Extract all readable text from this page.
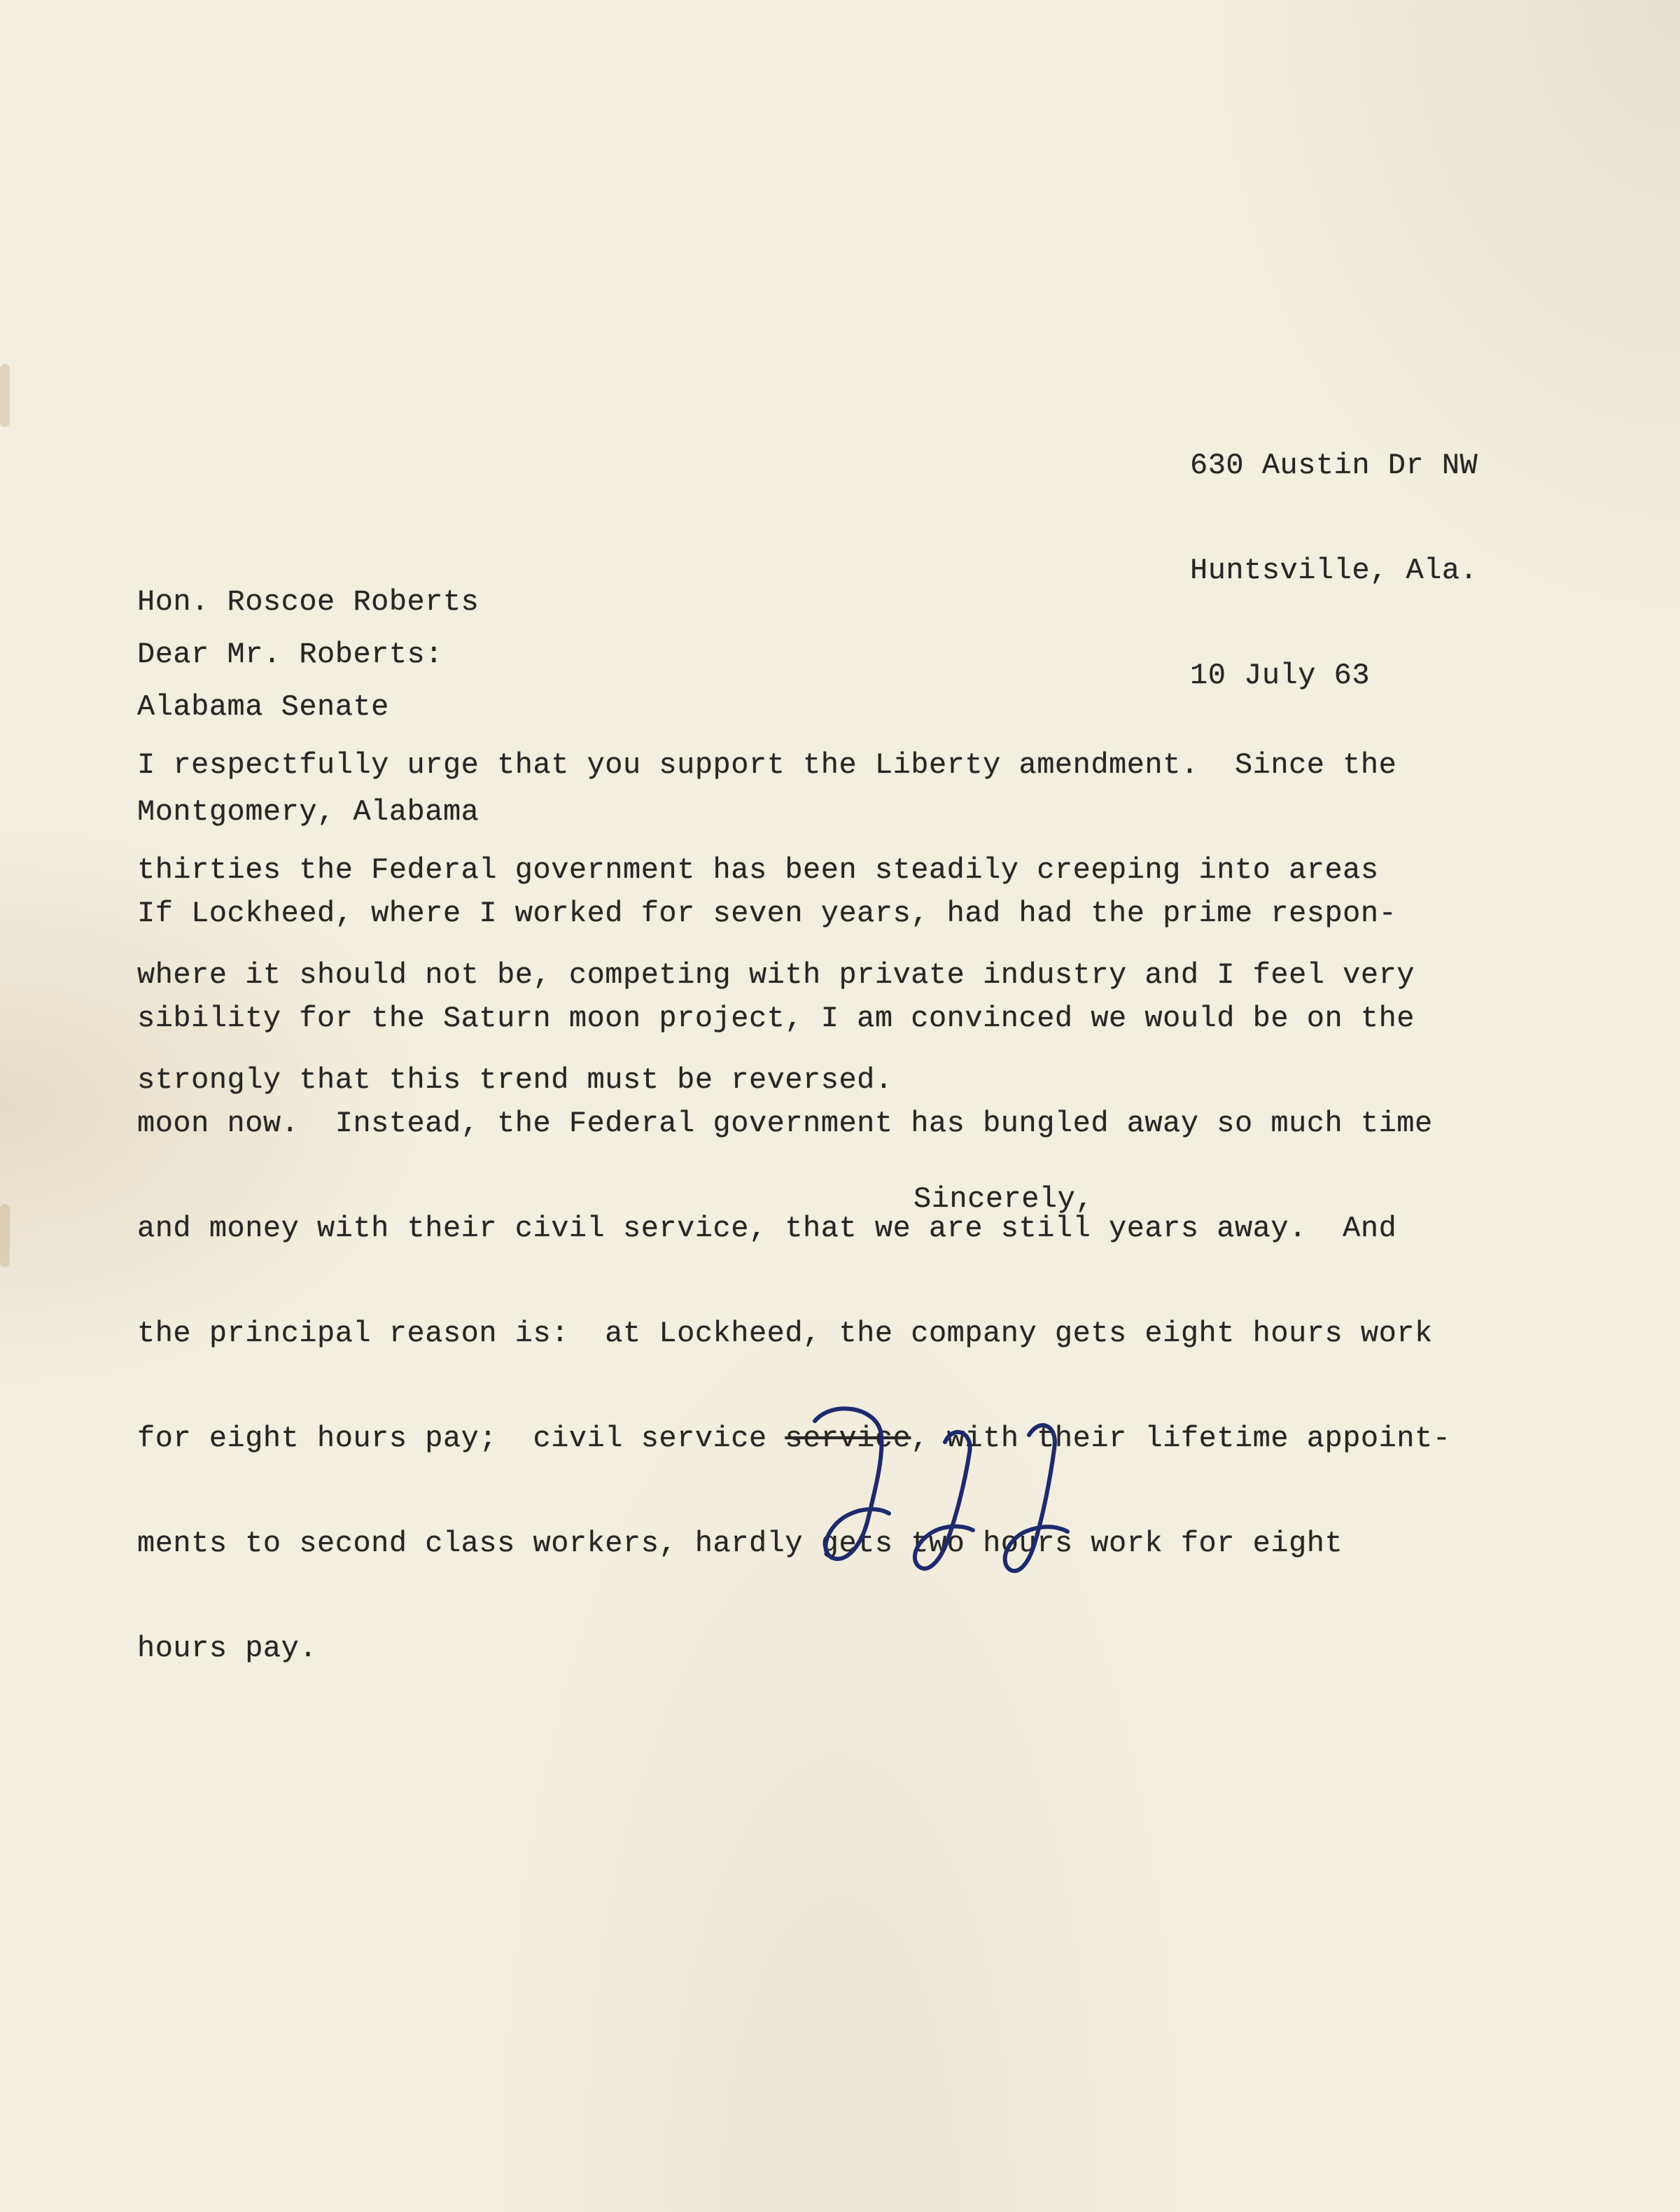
630 Austin Dr NW

Huntsville, Ala.

10 July 63

Hon. Roscoe Roberts

Alabama Senate

Montgomery, Alabama

Dear Mr. Roberts:

I respectfully urge that you support the Liberty amendment.  Since the

thirties the Federal government has been steadily creeping into areas

where it should not be, competing with private industry and I feel very

strongly that this trend must be reversed.

If Lockheed, where I worked for seven years, had had the prime respon-

sibility for the Saturn moon project, I am convinced we would be on the

moon now.  Instead, the Federal government has bungled away so much time

and money with their civil service, that we are still years away.  And

the principal reason is:  at Lockheed, the company gets eight hours work

for eight hours pay;  civil service service, with their lifetime appoint-

ments to second class workers, hardly gets two hours work for eight

hours pay.

Sincerely,
